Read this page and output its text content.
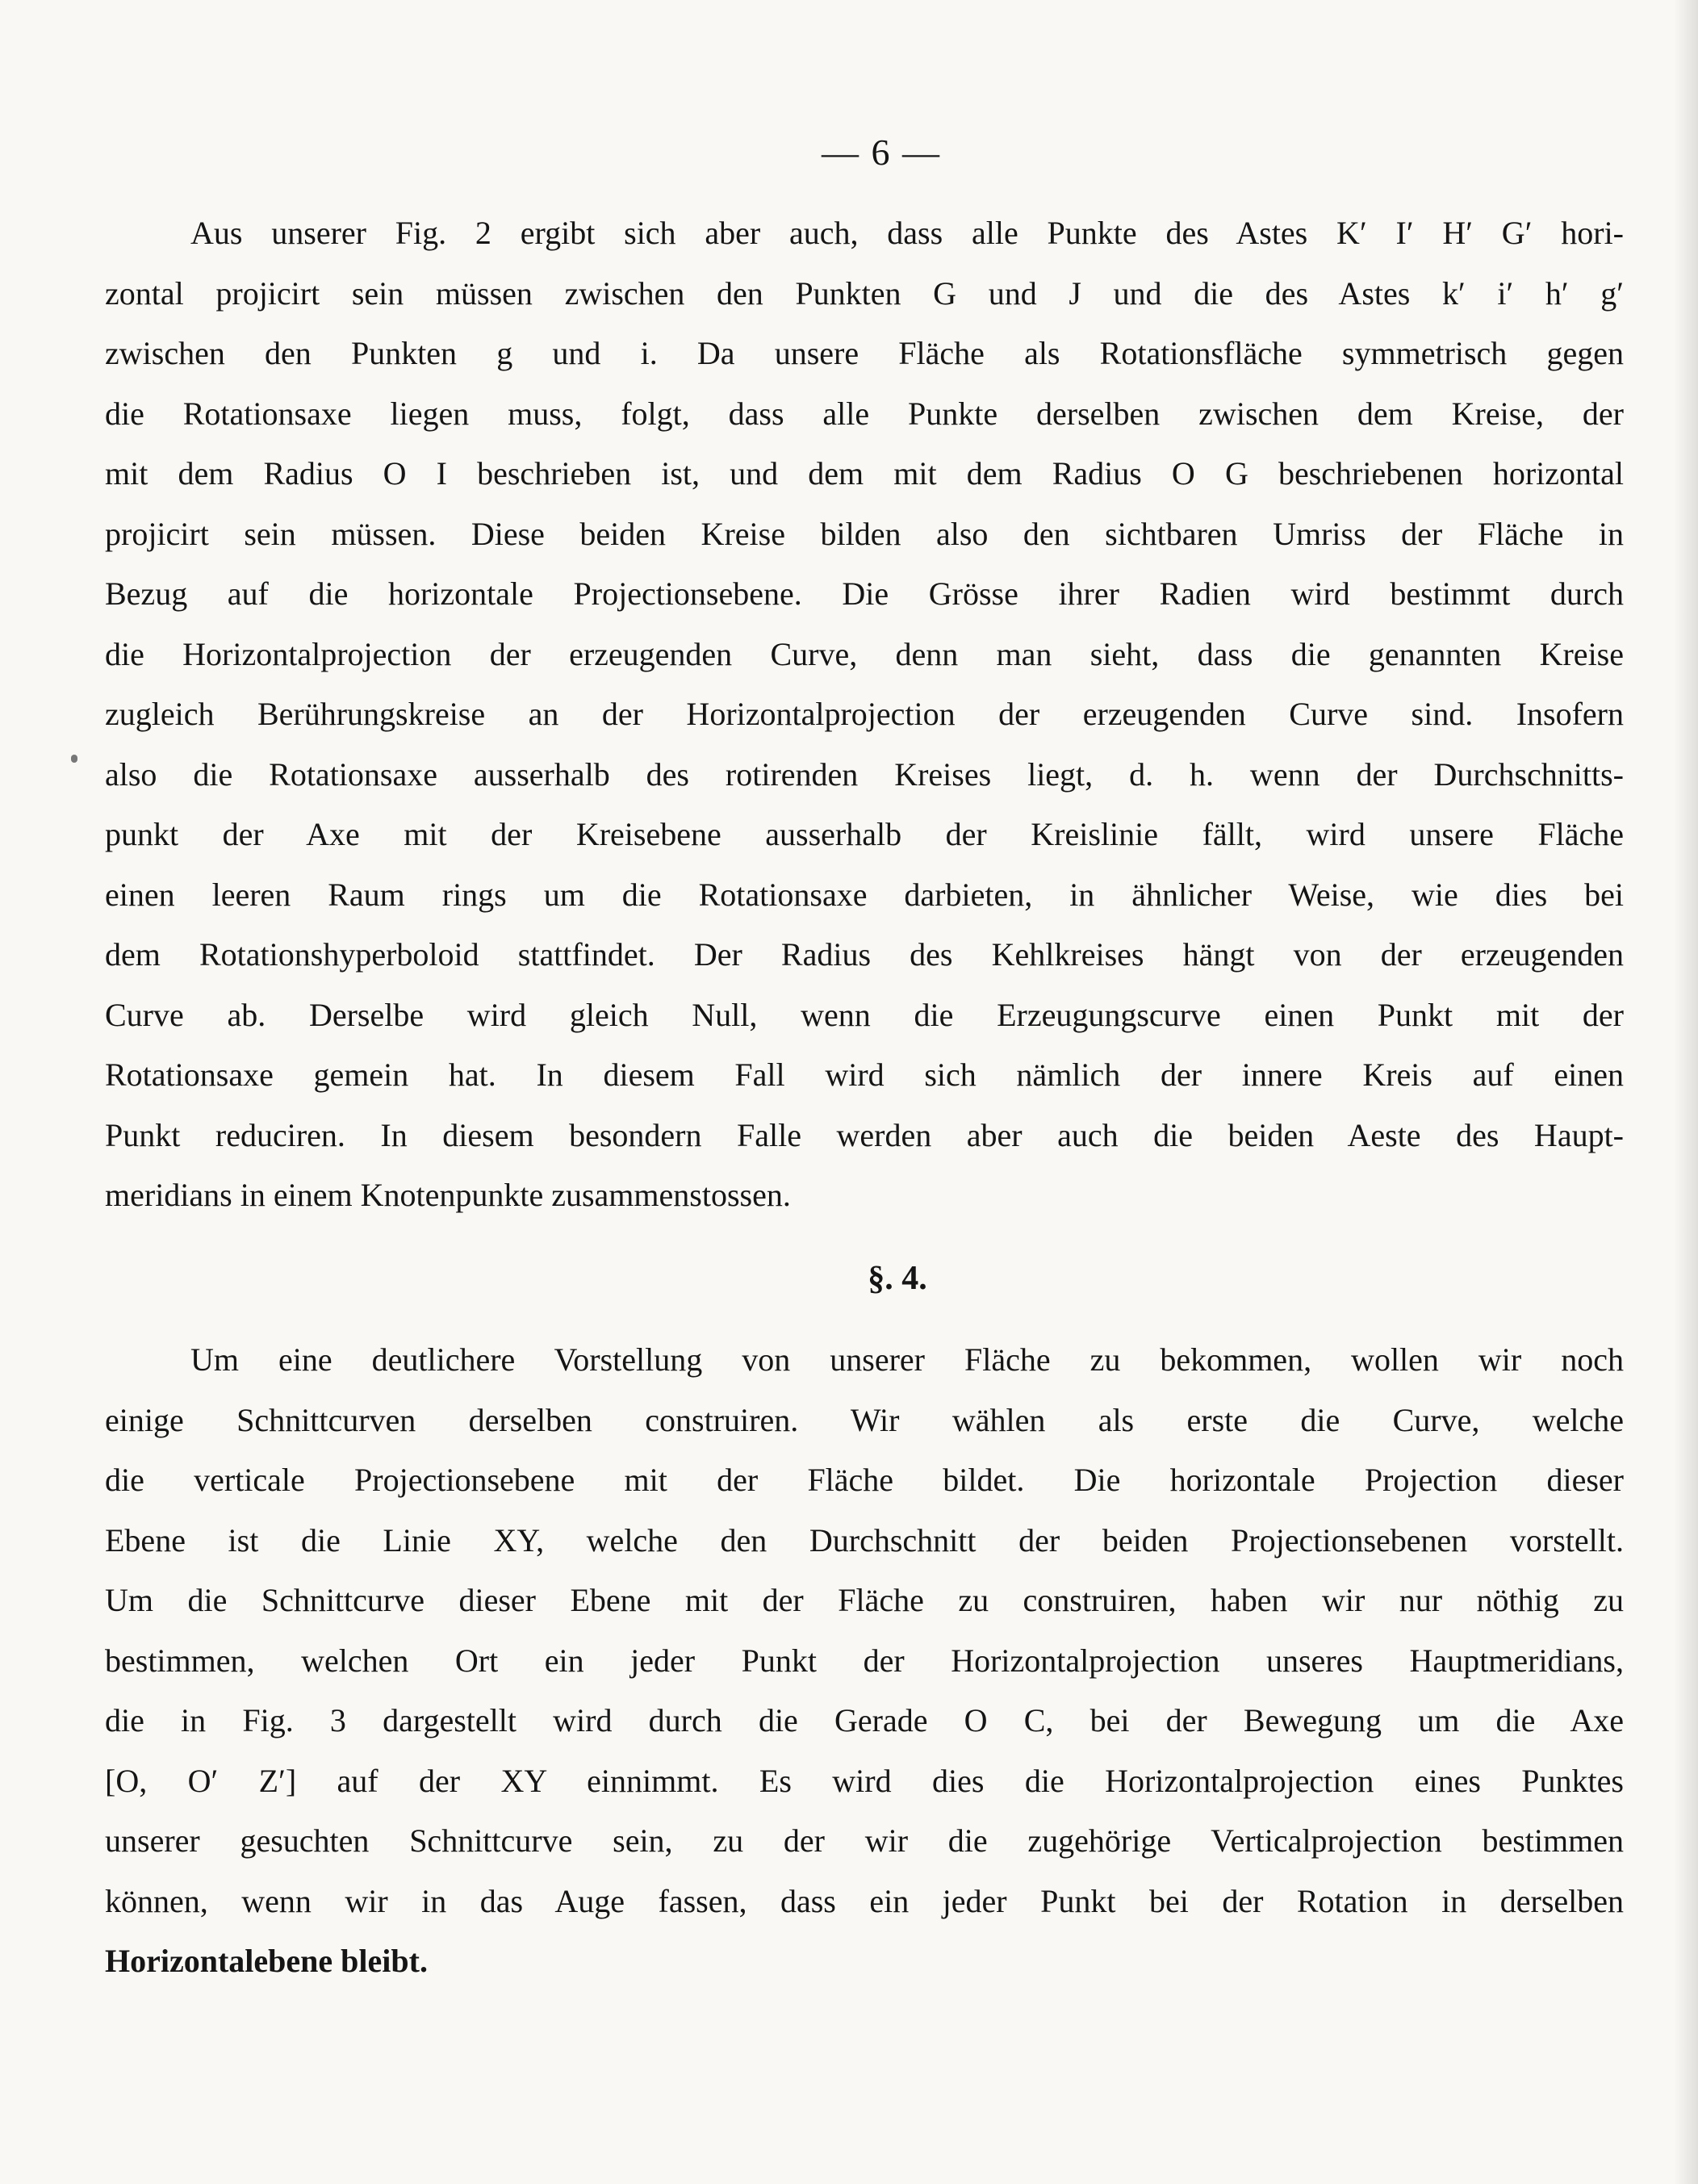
— 6 —
Aus unserer Fig. 2 ergibt sich aber auch, dass alle Punkte des Astes K′ I′ H′ G′ hori-
zontal projicirt sein müssen zwischen den Punkten G und J und die des Astes k′ i′ h′ g′
zwischen den Punkten g und i. Da unsere Fläche als Rotationsfläche symmetrisch gegen
die Rotationsaxe liegen muss, folgt, dass alle Punkte derselben zwischen dem Kreise, der
mit dem Radius O I beschrieben ist, und dem mit dem Radius O G beschriebenen horizontal
projicirt sein müssen. Diese beiden Kreise bilden also den sichtbaren Umriss der Fläche in
Bezug auf die horizontale Projectionsebene. Die Grösse ihrer Radien wird bestimmt durch
die Horizontalprojection der erzeugenden Curve, denn man sieht, dass die genannten Kreise
zugleich Berührungskreise an der Horizontalprojection der erzeugenden Curve sind. Insofern
also die Rotationsaxe ausserhalb des rotirenden Kreises liegt, d. h. wenn der Durchschnitts-
punkt der Axe mit der Kreisebene ausserhalb der Kreislinie fällt, wird unsere Fläche
einen leeren Raum rings um die Rotationsaxe darbieten, in ähnlicher Weise, wie dies bei
dem Rotationshyperboloid stattfindet. Der Radius des Kehlkreises hängt von der erzeugenden
Curve ab. Derselbe wird gleich Null, wenn die Erzeugungscurve einen Punkt mit der
Rotationsaxe gemein hat. In diesem Fall wird sich nämlich der innere Kreis auf einen
Punkt reduciren. In diesem besondern Falle werden aber auch die beiden Aeste des Haupt-
meridians in einem Knotenpunkte zusammenstossen.
§. 4.
Um eine deutlichere Vorstellung von unserer Fläche zu bekommen, wollen wir noch
einige Schnittcurven derselben construiren. Wir wählen als erste die Curve, welche
die verticale Projectionsebene mit der Fläche bildet. Die horizontale Projection dieser
Ebene ist die Linie XY, welche den Durchschnitt der beiden Projectionsebenen vorstellt.
Um die Schnittcurve dieser Ebene mit der Fläche zu construiren, haben wir nur nöthig zu
bestimmen, welchen Ort ein jeder Punkt der Horizontalprojection unseres Hauptmeridians,
die in Fig. 3 dargestellt wird durch die Gerade O C, bei der Bewegung um die Axe
[O, O′ Z′] auf der XY einnimmt. Es wird dies die Horizontalprojection eines Punktes
unserer gesuchten Schnittcurve sein, zu der wir die zugehörige Verticalprojection bestimmen
können, wenn wir in das Auge fassen, dass ein jeder Punkt bei der Rotation in derselben
Horizontalebene bleibt.
